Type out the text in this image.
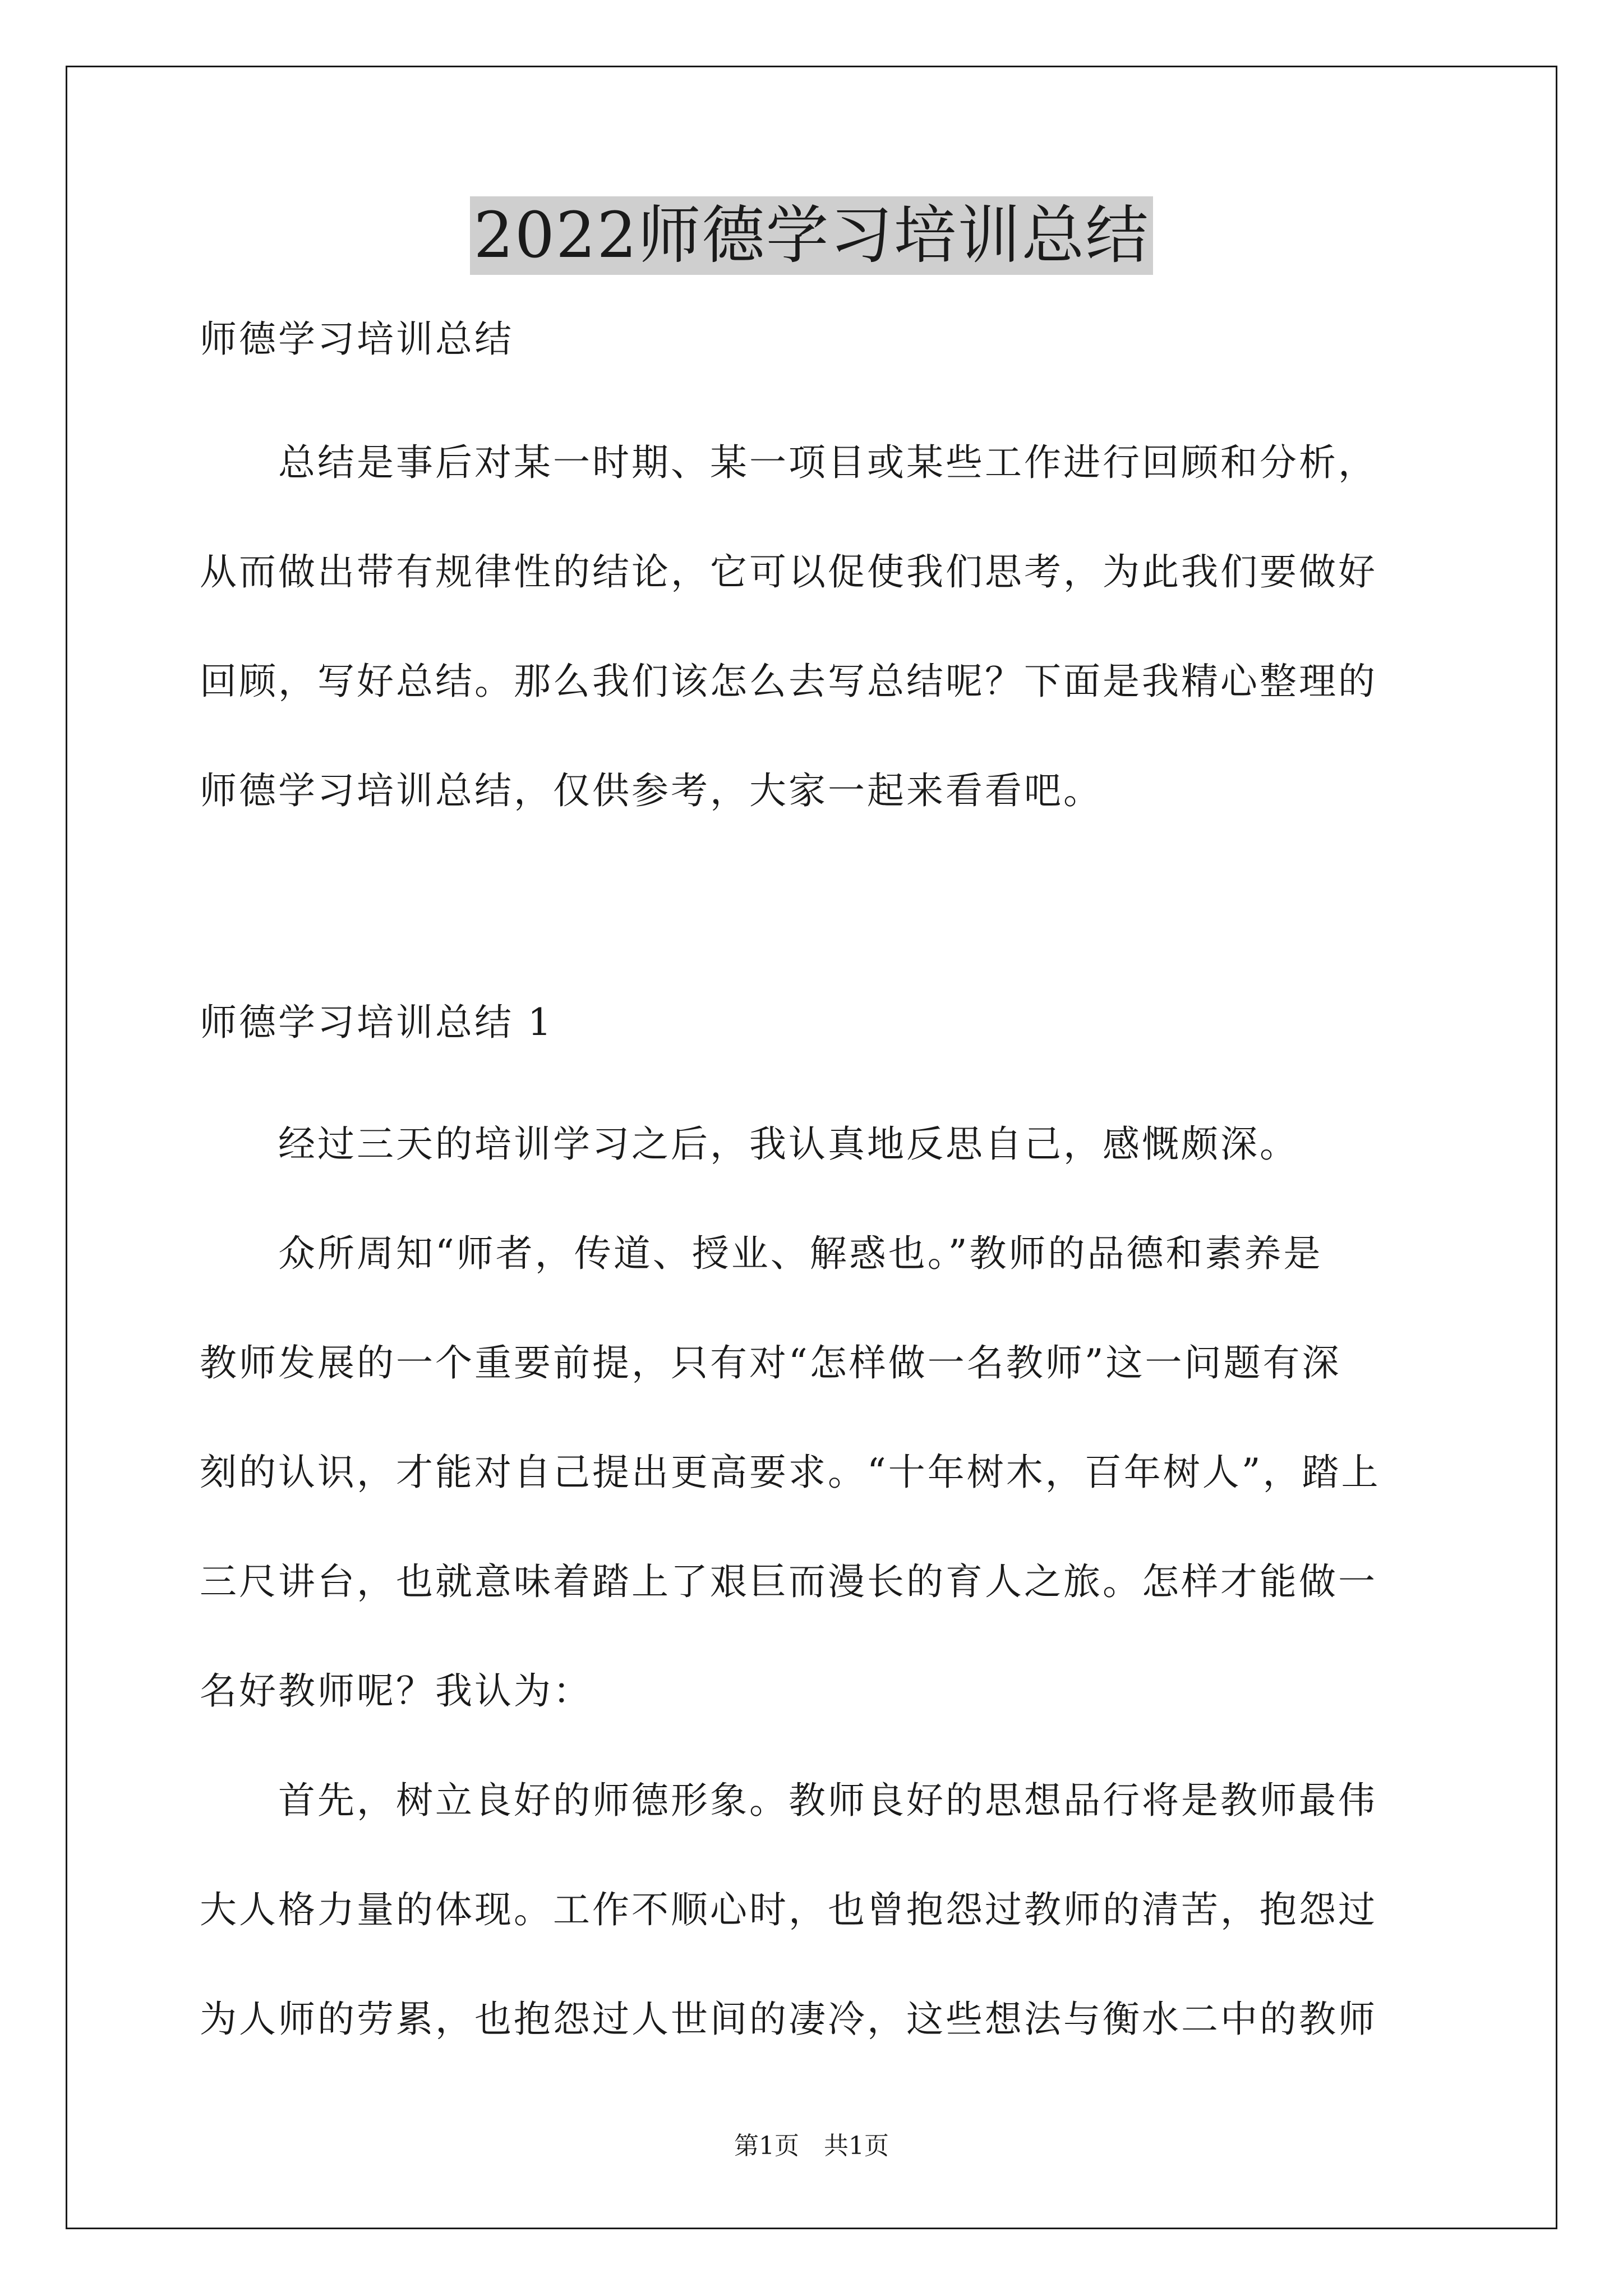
2022师德学习培训总结
师德学习培训总结
总结是事后对某一时期、某一项目或某些工作进行回顾和分析，
从而做出带有规律性的结论，它可以促使我们思考，为此我们要做好
回顾，写好总结。那么我们该怎么去写总结呢？下面是我精心整理的
师德学习培训总结，仅供参考，大家一起来看看吧。
师德学习培训总结 1
经过三天的培训学习之后，我认真地反思自己，感慨颇深。
众所周知“师者，传道、授业、解惑也。”教师的品德和素养是
教师发展的一个重要前提，只有对“怎样做一名教师”这一问题有深
刻的认识，才能对自己提出更高要求。“十年树木，百年树人”，踏上
三尺讲台，也就意味着踏上了艰巨而漫长的育人之旅。怎样才能做一
名好教师呢？我认为：
首先，树立良好的师德形象。教师良好的思想品行将是教师最伟
大人格力量的体现。工作不顺心时，也曾抱怨过教师的清苦，抱怨过
为人师的劳累，也抱怨过人世间的凄冷，这些想法与衡水二中的教师
第1页　共1页
